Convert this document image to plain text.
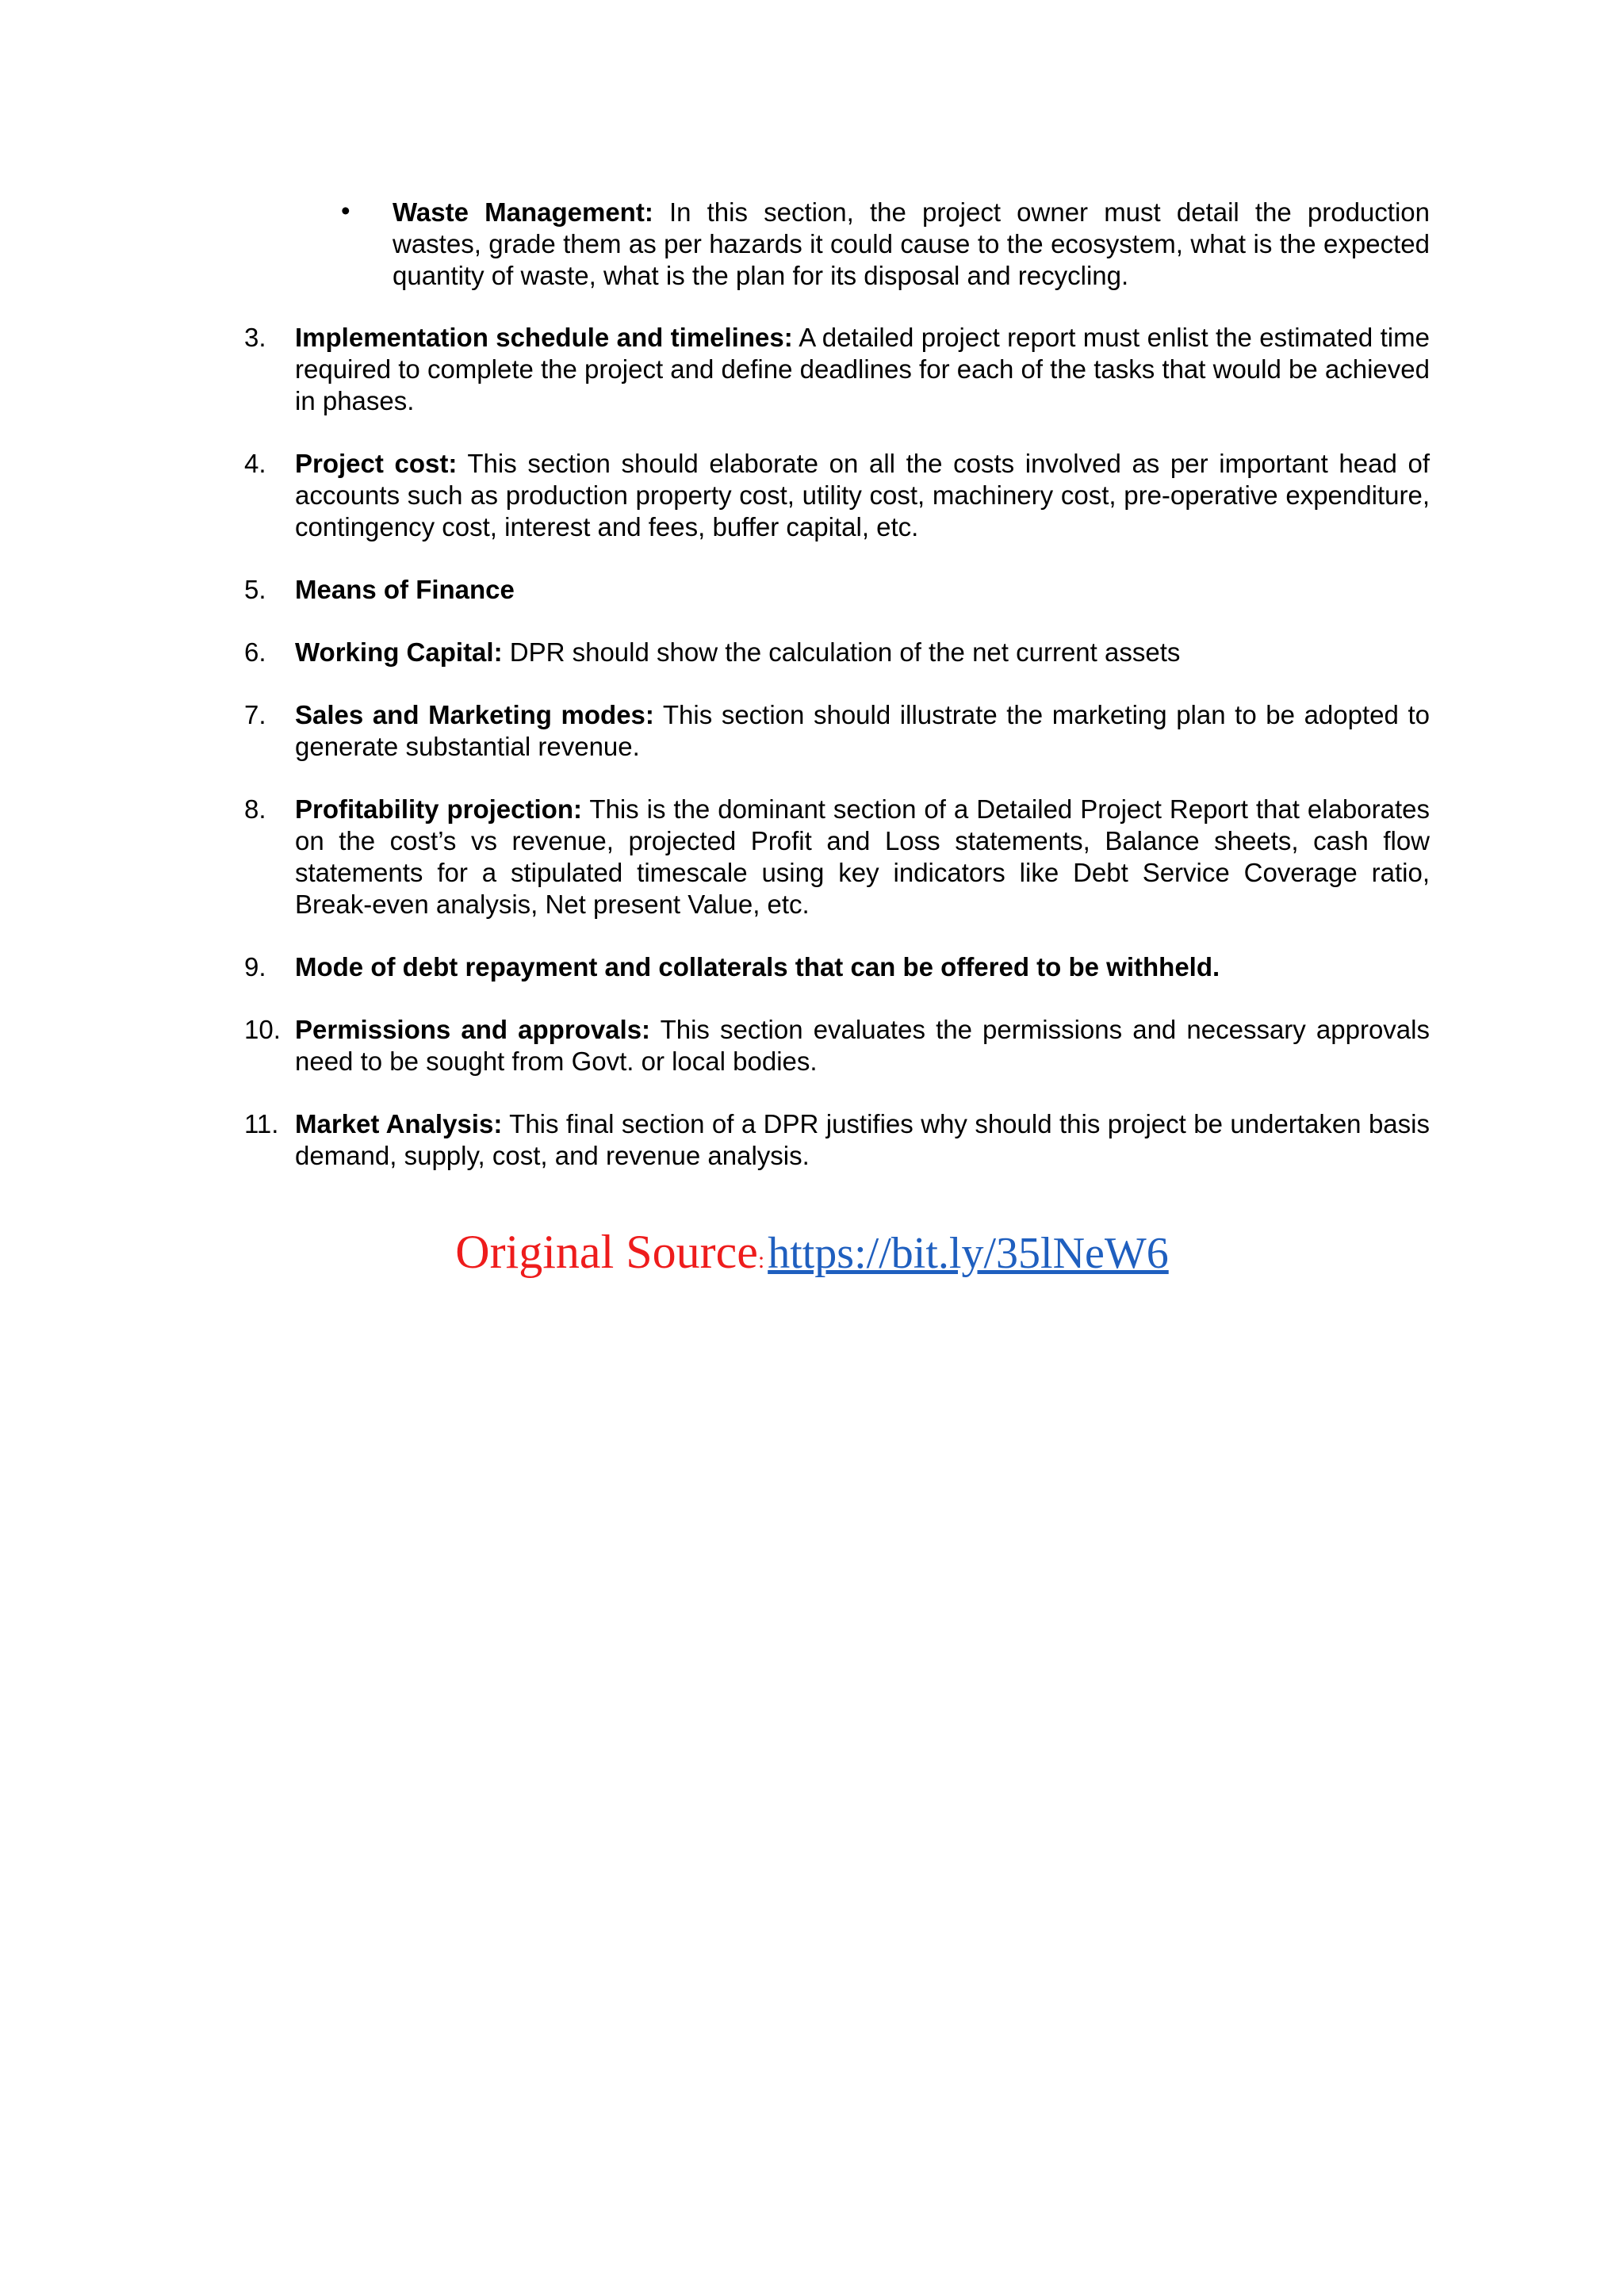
• Waste Management: In this section, the project owner must detail the production wastes, grade them as per hazards it could cause to the ecosystem, what is the expected quantity of waste, what is the plan for its disposal and recycling.
3.	Implementation schedule and timelines: A detailed project report must enlist the estimated time required to complete the project and define deadlines for each of the tasks that would be achieved in phases.
4.	Project cost: This section should elaborate on all the costs involved as per important head of accounts such as production property cost, utility cost, machinery cost, pre-operative expenditure, contingency cost, interest and fees, buffer capital, etc.
5.	Means of Finance
6.	Working Capital: DPR should show the calculation of the net current assets
7.	Sales and Marketing modes: This section should illustrate the marketing plan to be adopted to generate substantial revenue.
8.	Profitability projection: This is the dominant section of a Detailed Project Report that elaborates on the cost’s vs revenue, projected Profit and Loss statements, Balance sheets, cash flow statements for a stipulated timescale using key indicators like Debt Service Coverage ratio, Break-even analysis, Net present Value, etc.
9.	Mode of debt repayment and collaterals that can be offered to be withheld.
10. Permissions and approvals: This section evaluates the permissions and necessary approvals need to be sought from Govt. or local bodies.
11. Market Analysis: This final section of a DPR justifies why should this project be undertaken basis demand, supply, cost, and revenue analysis.
Original Source: https://bit.ly/35lNeW6
